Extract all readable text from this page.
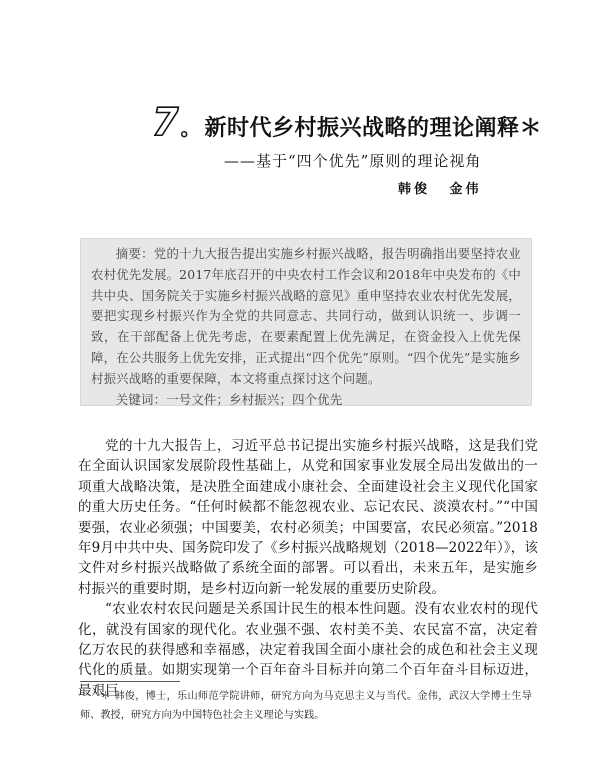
7 。 新时代乡村振兴战略的理论阐释＊
——基于“四个优先”原则的理论视角
韩俊 金伟

摘要：党的十九大报告提出实施乡村振兴战略，报告明确指出要坚持农业农村优先发展。2017年底召开的中央农村工作会议和2018年中央发布的《中共中央、国务院关于实施乡村振兴战略的意见》重申坚持农业农村优先发展，要把实现乡村振兴作为全党的共同意志、共同行动，做到认识统一、步调一致，在干部配备上优先考虑，在要素配置上优先满足，在资金投入上优先保障，在公共服务上优先安排，正式提出“四个优先”原则。“四个优先”是实施乡村振兴战略的重要保障，本文将重点探讨这个问题。

关键词：一号文件；乡村振兴；四个优先

党的十九大报告上，习近平总书记提出实施乡村振兴战略，这是我们党在全面认识国家发展阶段性基础上，从党和国家事业发展全局出发做出的一项重大战略决策，是决胜全面建成小康社会、全面建设社会主义现代化国家的重大历史任务。“任何时候都不能忽视农业、忘记农民、淡漠农村。”“中国要强，农业必须强；中国要美，农村必须美；中国要富，农民必须富。”2018年9月中共中央、国务院印发了《乡村振兴战略规划（2018—2022年）》，该文件对乡村振兴战略做了系统全面的部署。可以看出，未来五年，是实施乡村振兴的重要时期，是乡村迈向新一轮发展的重要历史阶段。

“农业农村农民问题是关系国计民生的根本性问题。没有农业农村的现代化，就没有国家的现代化。农业强不强、农村美不美、农民富不富，决定着亿万农民的获得感和幸福感，决定着我国全面小康社会的成色和社会主义现代化的质量。如期实现第一个百年奋斗目标并向第二个百年奋斗目标迈进，最艰巨

＊ 韩俊，博士，乐山师范学院讲师，研究方向为马克思主义与当代。金伟，武汉大学博士生导师、教授，研究方向为中国特色社会主义理论与实践。
